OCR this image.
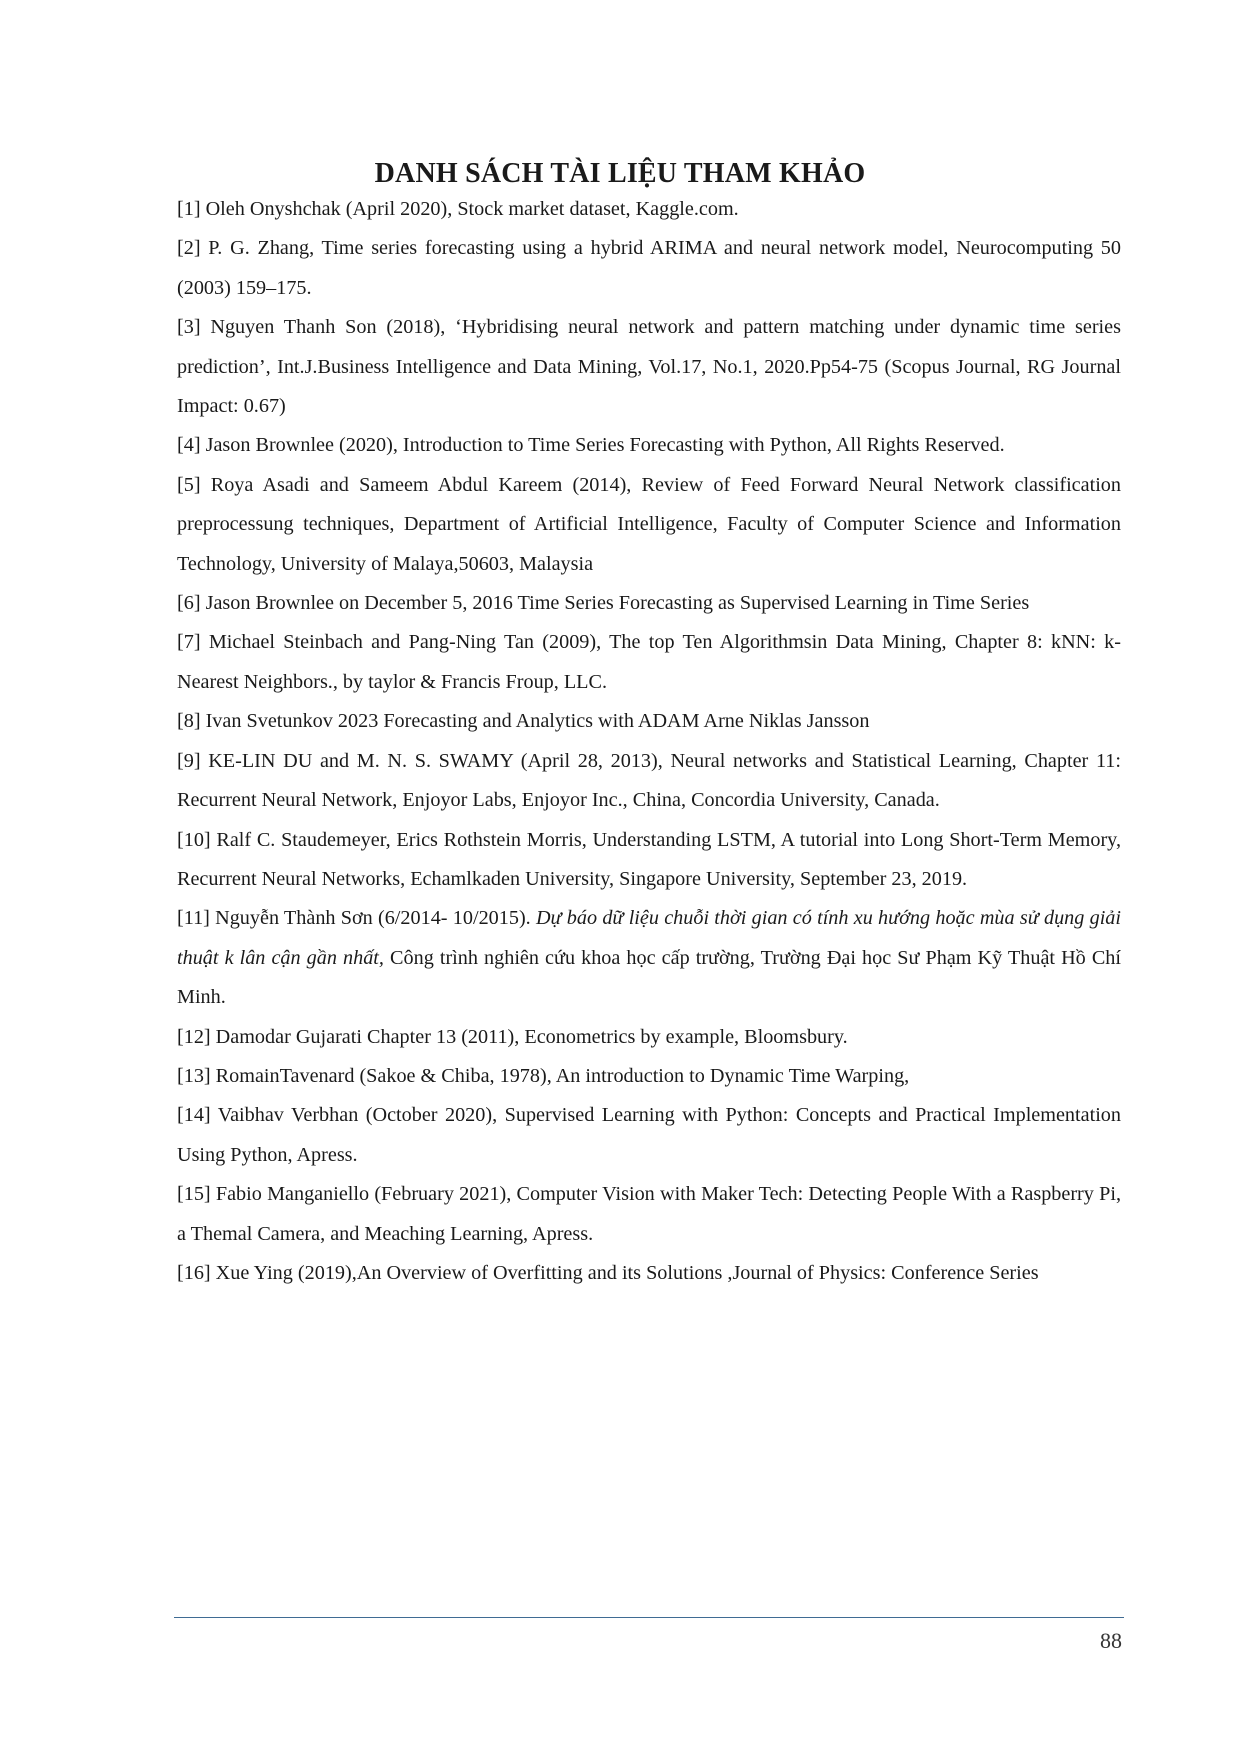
DANH SÁCH TÀI LIỆU THAM KHẢO

[1] Oleh Onyshchak (April 2020), Stock market dataset, Kaggle.com.

[2] P. G. Zhang, Time series forecasting using a hybrid ARIMA and neural network model, Neurocomputing 50 (2003) 159–175.

[3] Nguyen Thanh Son (2018), ‘Hybridising neural network and pattern matching under dynamic time series prediction’, Int.J.Business Intelligence and Data Mining, Vol.17, No.1, 2020.Pp54-75 (Scopus Journal, RG Journal Impact: 0.67)

[4] Jason Brownlee (2020), Introduction to Time Series Forecasting with Python, All Rights Reserved.

[5] Roya Asadi and Sameem Abdul Kareem (2014), Review of Feed Forward Neural Network classification preprocessung techniques, Department of Artificial Intelligence, Faculty of Computer Science and Information Technology, University of Malaya,50603, Malaysia

[6] Jason Brownlee on December 5, 2016 Time Series Forecasting as Supervised Learning in Time Series

[7] Michael Steinbach and Pang-Ning Tan (2009), The top Ten Algorithmsin Data Mining, Chapter 8: kNN: k-Nearest Neighbors., by taylor & Francis Froup, LLC.

[8] Ivan Svetunkov 2023 Forecasting and Analytics with ADAM Arne Niklas Jansson

[9] KE-LIN DU and M. N. S. SWAMY (April 28, 2013), Neural networks and Statistical Learning, Chapter 11: Recurrent Neural Network, Enjoyor Labs, Enjoyor Inc., China, Concordia University, Canada.

[10] Ralf C. Staudemeyer, Erics Rothstein Morris, Understanding LSTM, A tutorial into Long Short-Term Memory, Recurrent Neural Networks, Echamlkaden University, Singapore University, September 23, 2019.

[11] Nguyễn Thành Sơn (6/2014- 10/2015). Dự báo dữ liệu chuỗi thời gian có tính xu hướng hoặc mùa sử dụng giải thuật k lân cận gần nhất, Công trình nghiên cứu khoa học cấp trường, Trường Đại học Sư Phạm Kỹ Thuật Hồ Chí Minh.

[12] Damodar Gujarati Chapter 13 (2011), Econometrics by example, Bloomsbury.

[13] RomainTavenard (Sakoe & Chiba, 1978), An introduction to Dynamic Time Warping,

[14] Vaibhav Verbhan (October 2020), Supervised Learning with Python: Concepts and Practical Implementation Using Python, Apress.

[15] Fabio Manganiello (February 2021), Computer Vision with Maker Tech: Detecting People With a Raspberry Pi, a Themal Camera, and Meaching Learning, Apress.

[16] Xue Ying (2019),An Overview of Overfitting and its Solutions ,Journal of Physics: Conference Series

88
